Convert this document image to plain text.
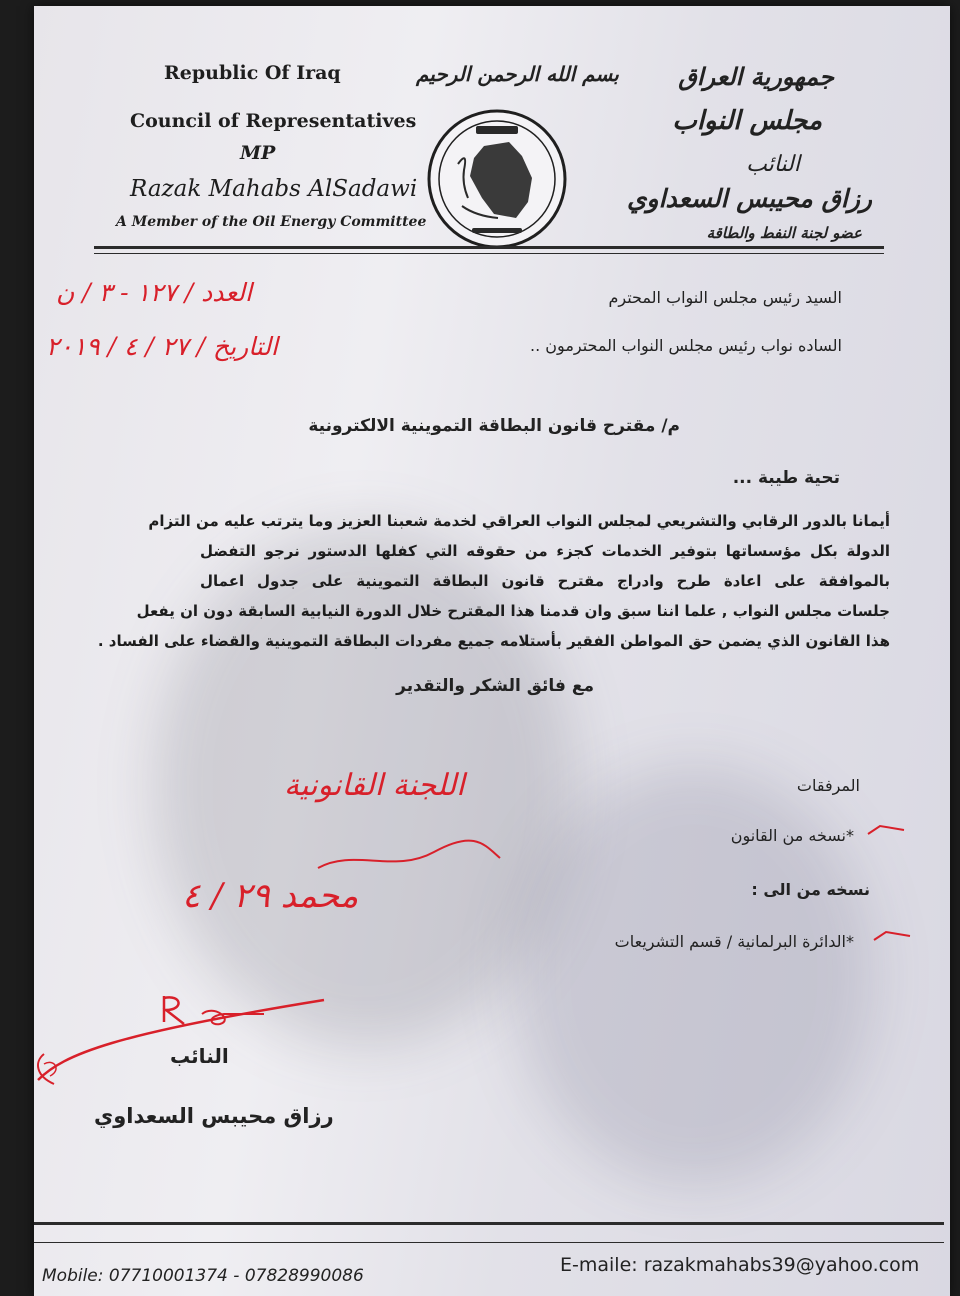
Republic Of Iraq
Council of Representatives
MP
Razak Mahabs AlSadawi
A Member of the Oil Energy Committee
بسم الله الرحمن الرحيم جمهورية العراق
مجلس النواب
النائب
رزاق محيبس السعداوي
عضو لجنة النفط والطاقة
العدد / ١٢٧ - ٣ / ن
التاريخ / ٢٧ / ٤ / ٢٠١٩
السيد رئيس مجلس النواب المحترم
الساده نواب رئيس مجلس النواب المحترمون ..
م/ مقترح قانون البطاقة التموينية الالكترونية
تحية طيبة ...
أيمانا بالدور الرقابي والتشريعي لمجلس النواب العراقي لخدمة شعبنا العزيز وما يترتب عليه من التزام
الدولة بكل مؤسساتها بتوفير الخدمات كجزء من حقوقه التي كفلها الدستور نرجو التفضل
بالموافقة على اعادة طرح وادراج مقترح قانون البطاقة التموينية على جدول اعمال
جلسات مجلس النواب , علما اننا سبق وان قدمنا هذا المقترح خلال الدورة النيابية السابقة دون ان يفعل
هذا القانون الذي يضمن حق المواطن الفقير بأستلامه جميع مفردات البطاقة التموينية والقضاء على الفساد .
مع فائق الشكر والتقدير
المرفقات
*نسخه من القانون
نسخه من الى :
*الدائرة البرلمانية / قسم التشريعات
اللجنة القانونية
محمد ٢٩ / ٤
النائب
رزاق محيبس السعداوي
Mobile: 07710001374 - 07828990086	E-maile: razakmahabs39@yahoo.com
